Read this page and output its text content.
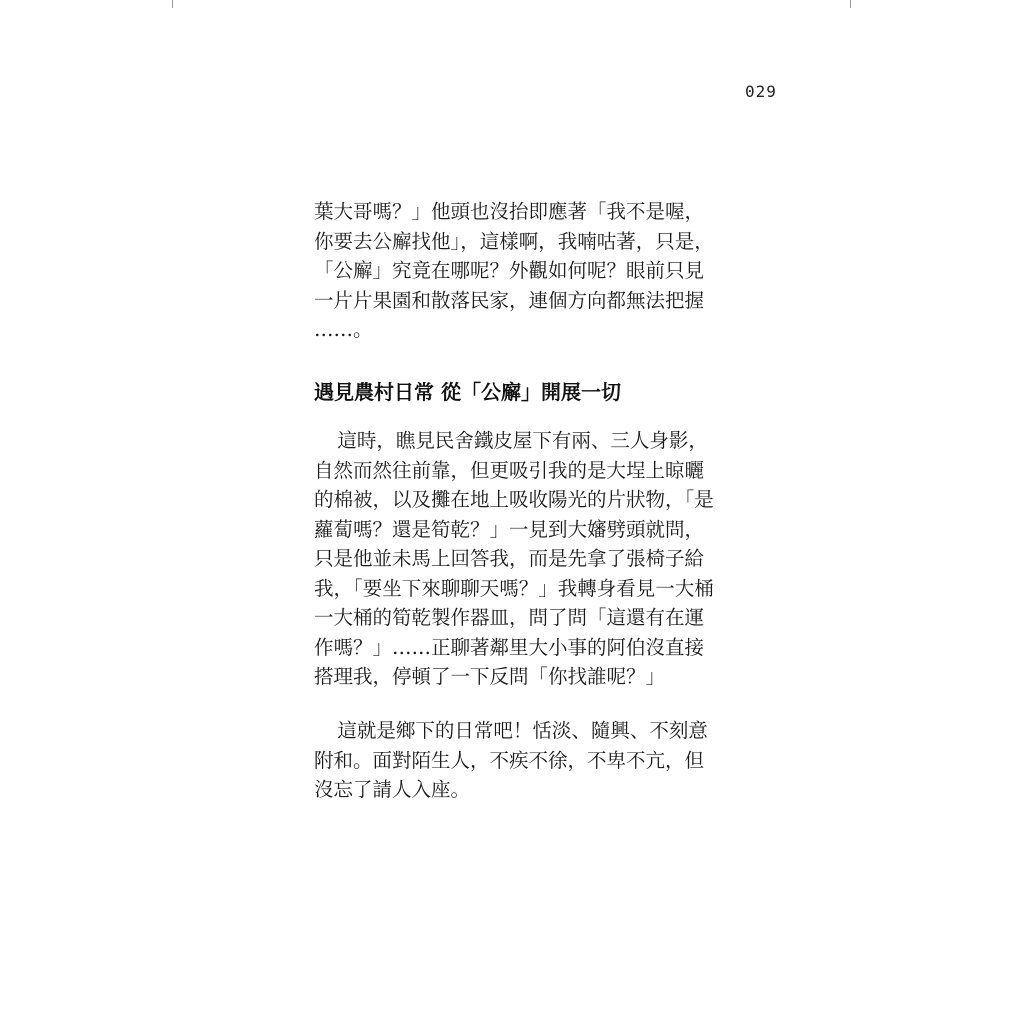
029

葉大哥嗎？」他頭也沒抬即應著「我不是喔，你要去公廨找他」，這樣啊，我喃咕著，只是，「公廨」究竟在哪呢？外觀如何呢？眼前只見一片片果園和散落民家，連個方向都無法把握……。

遇見農村日常 從「公廨」開展一切

這時，瞧見民舍鐵皮屋下有兩、三人身影，自然而然往前靠，但更吸引我的是大埕上晾曬的棉被，以及攤在地上吸收陽光的片狀物，「是蘿蔔嗎？還是筍乾？」一見到大嬸劈頭就問，只是他並未馬上回答我，而是先拿了張椅子給我，「要坐下來聊聊天嗎？」我轉身看見一大桶一大桶的筍乾製作器皿，問了問「這還有在運作嗎？」……正聊著鄰里大小事的阿伯沒直接搭理我，停頓了一下反問「你找誰呢？」

這就是鄉下的日常吧！恬淡、隨興、不刻意附和。面對陌生人，不疾不徐，不卑不亢，但沒忘了請人入座。
